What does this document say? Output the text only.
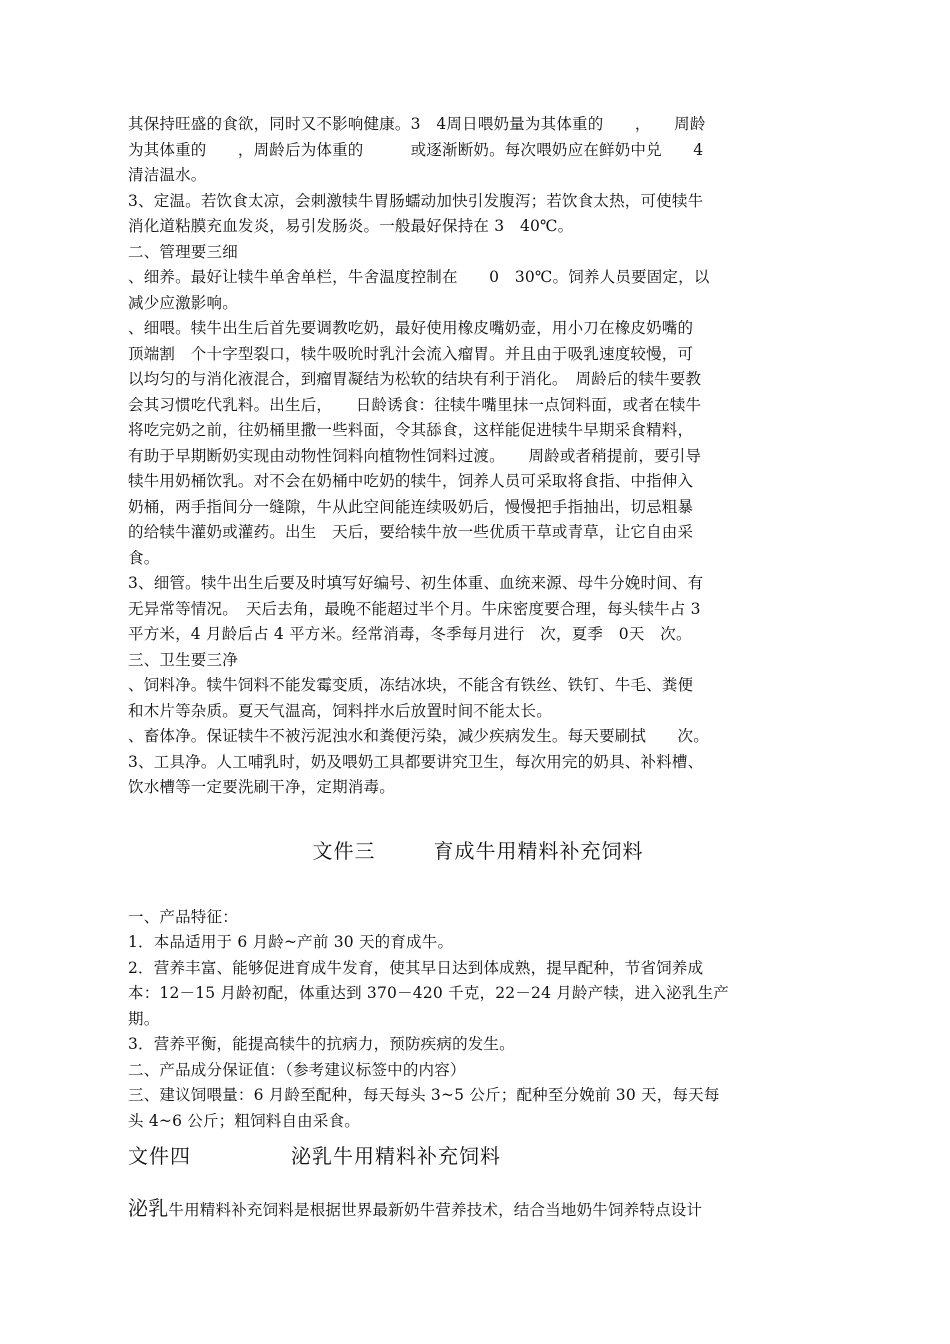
其保持旺盛的食欲，同时又不影响健康。3　4周日喂奶量为其体重的　　，　　周龄

为其体重的　　，周龄后为体重的　　　或逐渐断奶。每次喂奶应在鲜奶中兑　　4

清洁温水。

3、定温。若饮食太凉，会刺激犊牛胃肠蠕动加快引发腹泻；若饮食太热，可使犊牛

消化道粘膜充血发炎，易引发肠炎。一般最好保持在 3　40℃。

二、管理要三细

、细养。最好让犊牛单舍单栏，牛舍温度控制在　　0　30℃。饲养人员要固定，以

减少应激影响。

、细喂。犊牛出生后首先要调教吃奶，最好使用橡皮嘴奶壶，用小刀在橡皮奶嘴的

顶端割　个十字型裂口，犊牛吸吮时乳汁会流入瘤胃。并且由于吸乳速度较慢，可

以均匀的与消化液混合，到瘤胃凝结为松软的结块有利于消化。　周龄后的犊牛要教

会其习惯吃代乳料。出生后，　　日龄诱食：往犊牛嘴里抹一点饲料面，或者在犊牛

将吃完奶之前，往奶桶里撒一些料面，令其舔食，这样能促进犊牛早期采食精料，

有助于早期断奶实现由动物性饲料向植物性饲料过渡。　　周龄或者稍提前，要引导

犊牛用奶桶饮乳。对不会在奶桶中吃奶的犊牛，饲养人员可采取将食指、中指伸入

奶桶，两手指间分一缝隙，牛从此空间能连续吸奶后，慢慢把手指抽出，切忌粗暴

的给犊牛灌奶或灌药。出生　天后，要给犊牛放一些优质干草或青草，让它自由采

食。

3、细管。犊牛出生后要及时填写好编号、初生体重、血统来源、母牛分娩时间、有

无异常等情况。　天后去角，最晚不能超过半个月。牛床密度要合理，每头犊牛占 3

平方米，4 月龄后占 4 平方米。经常消毒，冬季每月进行　次，夏季　0天　次。

三、卫生要三净

、饲料净。犊牛饲料不能发霉变质，冻结冰块，不能含有铁丝、铁钉、牛毛、粪便

和木片等杂质。夏天气温高，饲料拌水后放置时间不能太长。

、畜体净。保证犊牛不被污泥浊水和粪便污染，减少疾病发生。每天要刷拭　　次。

3、工具净。人工哺乳时，奶及喂奶工具都要讲究卫生，每次用完的奶具、补料槽、

饮水槽等一定要洗刷干净，定期消毒。

文件三	育成牛用精料补充饲料

一、产品特征：

1．本品适用于 6 月龄~产前 30 天的育成牛。

2．营养丰富、能够促进育成牛发育，使其早日达到体成熟，提早配种，节省饲养成

本：12－15 月龄初配，体重达到 370－420 千克，22－24 月龄产犊，进入泌乳生产

期。

3．营养平衡，能提高犊牛的抗病力，预防疾病的发生。

二、产品成分保证值：（参考建议标签中的内容）

三、建议饲喂量：6 月龄至配种，每天每头 3~5 公斤；配种至分娩前 30 天，每天每

头 4~6 公斤；粗饲料自由采食。

文件四	泌乳牛用精料补充饲料

泌乳牛用精料补充饲料是根据世界最新奶牛营养技术，结合当地奶牛饲养特点设计
